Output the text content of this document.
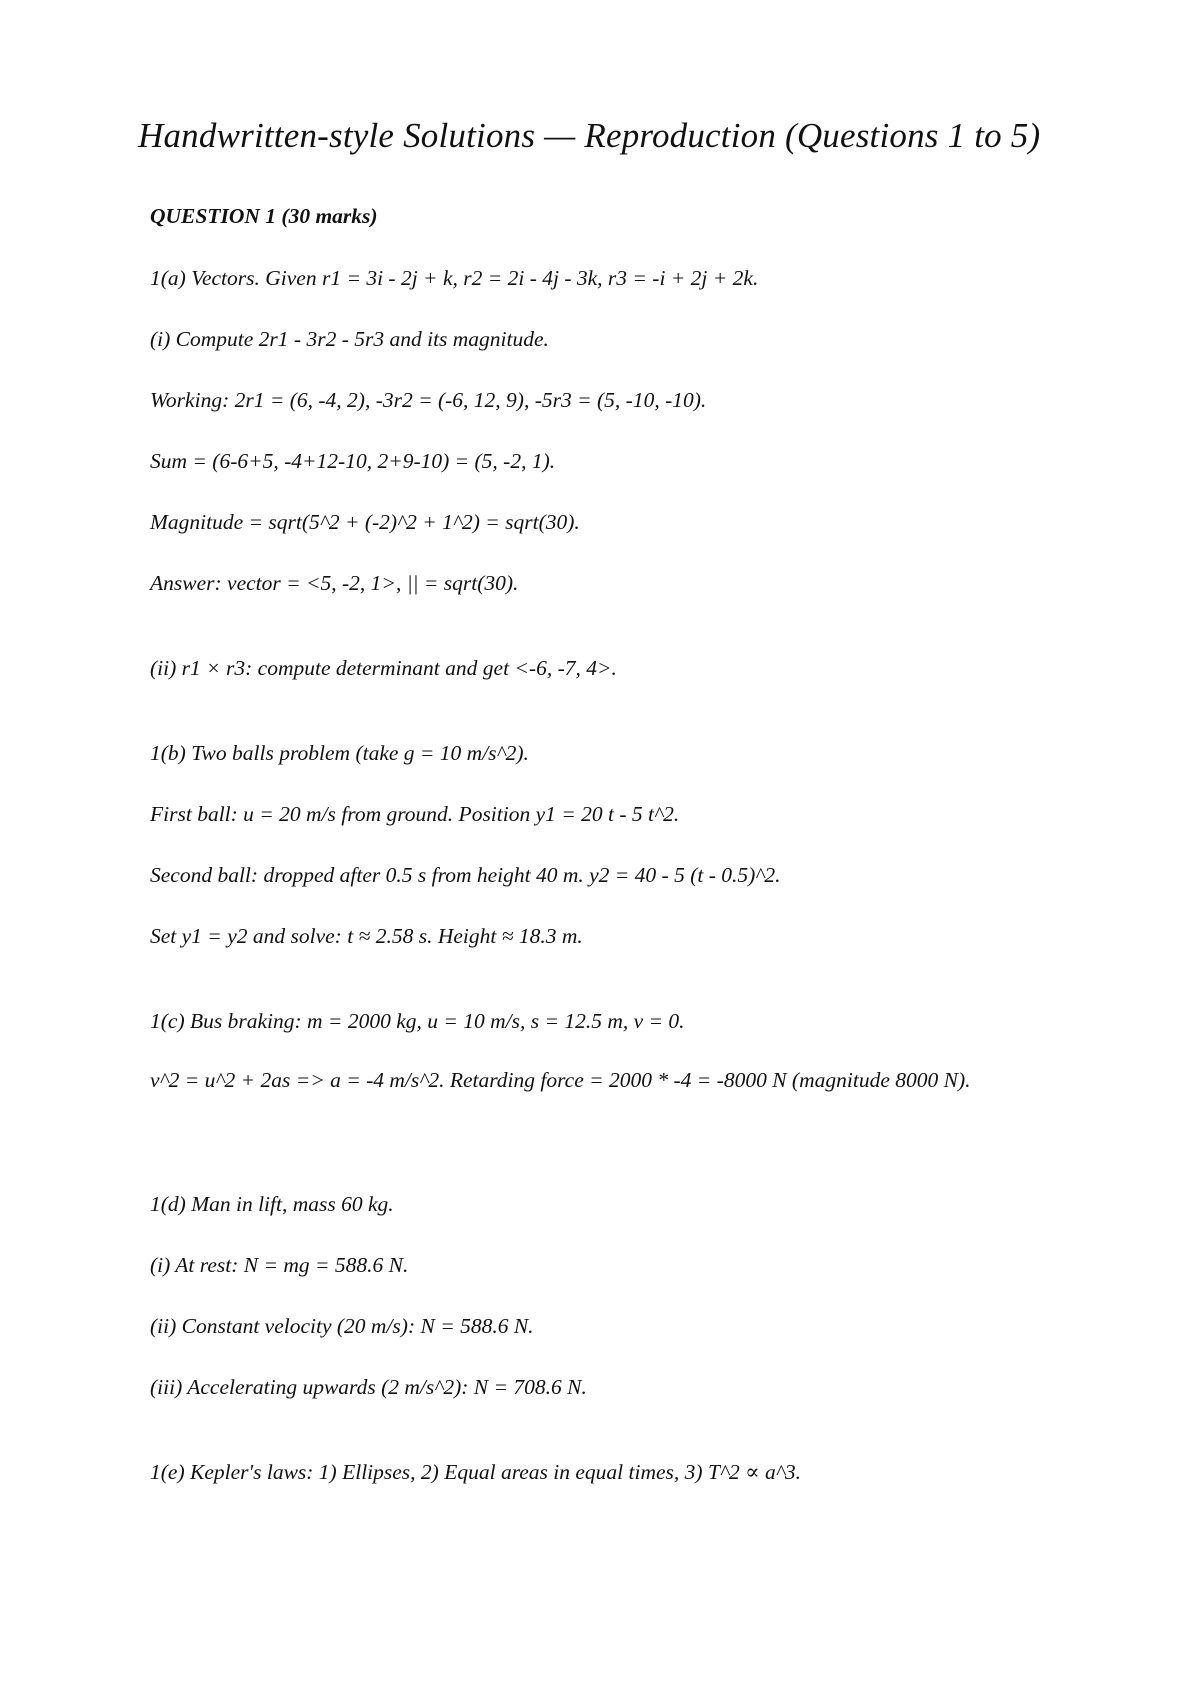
Handwritten-style Solutions — Reproduction (Questions 1 to 5)
QUESTION 1 (30 marks)

1(a) Vectors. Given r1 = 3i - 2j + k, r2 = 2i - 4j - 3k, r3 = -i + 2j + 2k.

(i) Compute 2r1 - 3r2 - 5r3 and its magnitude.

Working: 2r1 = (6, -4, 2), -3r2 = (-6, 12, 9), -5r3 = (5, -10, -10).

Sum = (6-6+5, -4+12-10, 2+9-10) = (5, -2, 1).

Magnitude = sqrt(5^2 + (-2)^2 + 1^2) = sqrt(30).

Answer: vector = <5, -2, 1>, || = sqrt(30).

(ii) r1 × r3: compute determinant and get <-6, -7, 4>.

1(b) Two balls problem (take g = 10 m/s^2).

First ball: u = 20 m/s from ground. Position y1 = 20 t - 5 t^2.

Second ball: dropped after 0.5 s from height 40 m. y2 = 40 - 5 (t - 0.5)^2.

Set y1 = y2 and solve: t ≈ 2.58 s. Height ≈ 18.3 m.

1(c) Bus braking: m = 2000 kg, u = 10 m/s, s = 12.5 m, v = 0.

v^2 = u^2 + 2as => a = -4 m/s^2. Retarding force = 2000 * -4 = -8000 N (magnitude 8000 N).

1(d) Man in lift, mass 60 kg.

(i) At rest: N = mg = 588.6 N.

(ii) Constant velocity (20 m/s): N = 588.6 N.

(iii) Accelerating upwards (2 m/s^2): N = 708.6 N.

1(e) Kepler's laws: 1) Ellipses, 2) Equal areas in equal times, 3) T^2 ∝ a^3.
